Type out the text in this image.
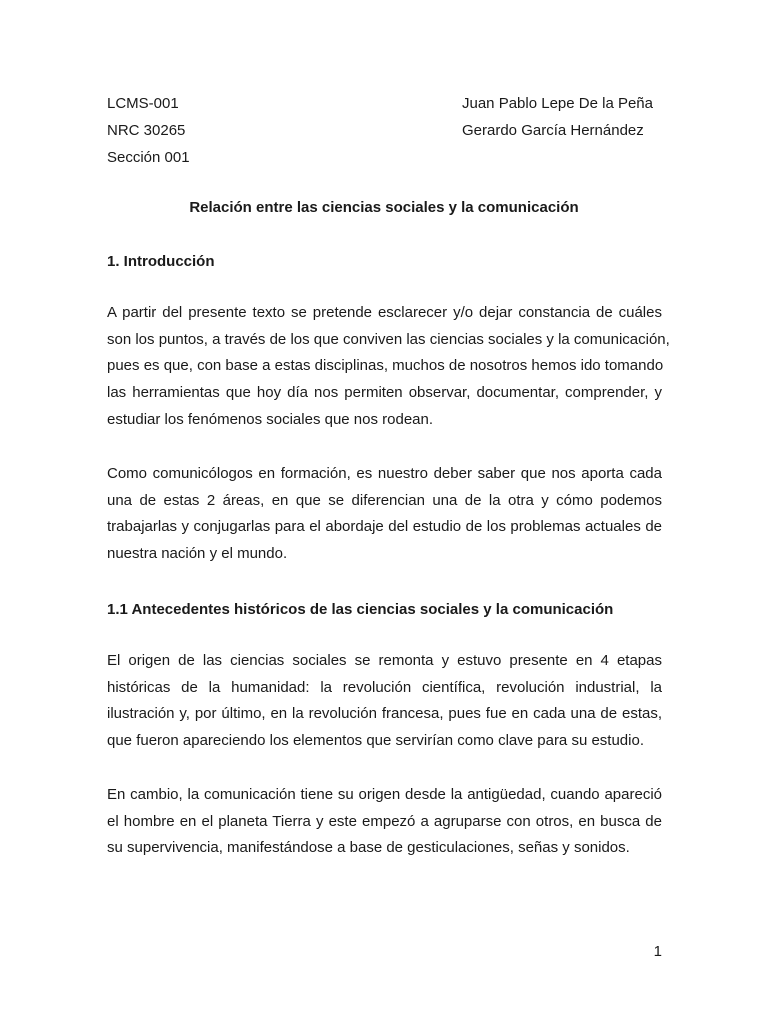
LCMS-001
NRC 30265
Sección 001
Juan Pablo Lepe De la Peña
Gerardo García Hernández
Relación entre las ciencias sociales y la comunicación
1. Introducción

A partir del presente texto se pretende esclarecer y/o dejar constancia de cuáles
son los puntos, a través de los que conviven las ciencias sociales y la comunicación,
pues es que, con base a estas disciplinas, muchos de nosotros hemos ido tomando
las herramientas que hoy día nos permiten observar, documentar, comprender, y
estudiar los fenómenos sociales que nos rodean.

Como comunicólogos en formación, es nuestro deber saber que nos aporta cada
una de estas 2 áreas, en que se diferencian una de la otra y cómo podemos
trabajarlas y conjugarlas para el abordaje del estudio de los problemas actuales de
nuestra nación y el mundo.

1.1 Antecedentes históricos de las ciencias sociales y la comunicación

El origen de las ciencias sociales se remonta y estuvo presente en 4 etapas
históricas de la humanidad: la revolución científica, revolución industrial, la
ilustración y, por último, en la revolución francesa, pues fue en cada una de estas,
que fueron apareciendo los elementos que servirían como clave para su estudio.

En cambio, la comunicación tiene su origen desde la antigüedad, cuando apareció
el hombre en el planeta Tierra y este empezó a agruparse con otros, en busca de
su supervivencia, manifestándose a base de gesticulaciones, señas y sonidos.

1
